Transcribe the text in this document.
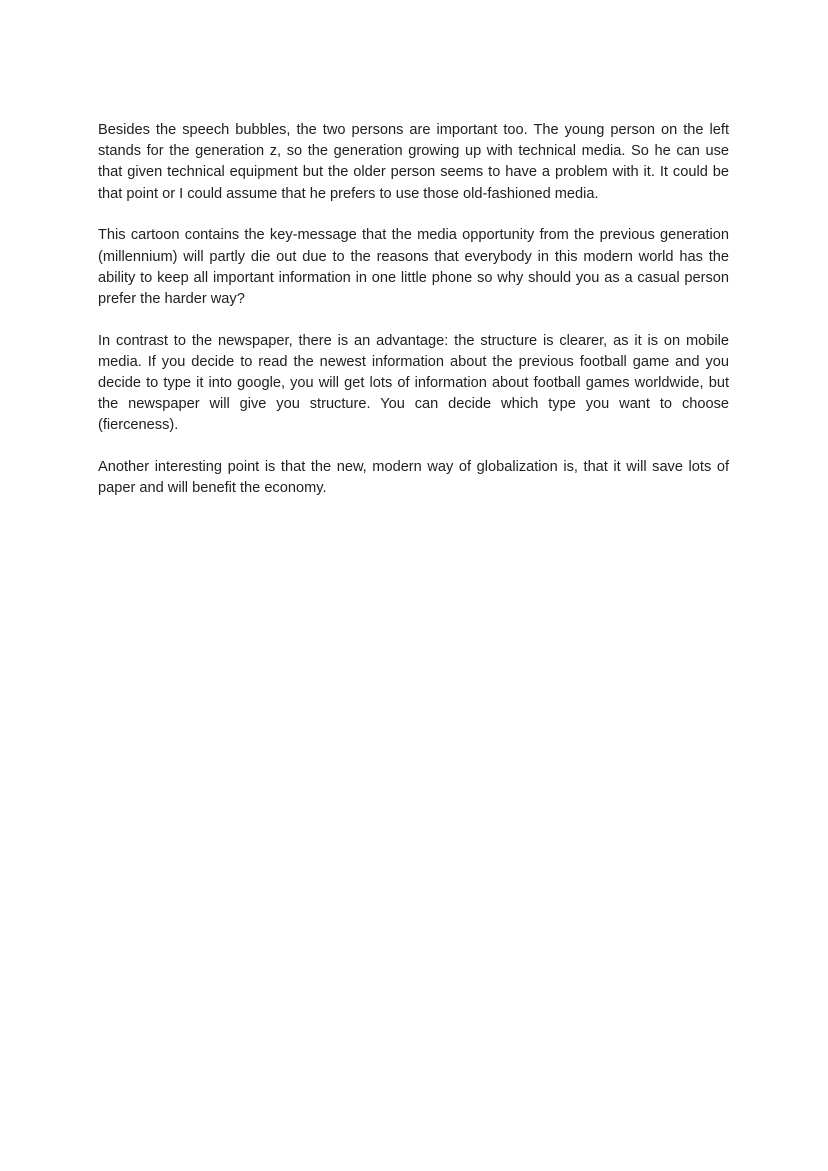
Besides the speech bubbles, the two persons are important too. The young person on the left stands for the generation z, so the generation growing up with technical media. So he can use that given technical equipment but the older person seems to have a problem with it. It could be that point or I could assume that he prefers to use those old-fashioned media.

This cartoon contains the key-message that the media opportunity from the previous generation (millennium) will partly die out due to the reasons that everybody in this modern world has the ability to keep all important information in one little phone so why should you as a casual person prefer the harder way?

In contrast to the newspaper, there is an advantage: the structure is clearer, as it is on mobile media. If you decide to read the newest information about the previous football game and you decide to type it into google, you will get lots of information about football games worldwide, but the newspaper will give you structure. You can decide which type you want to choose (fierceness).

Another interesting point is that the new, modern way of globalization is, that it will save lots of paper and will benefit the economy.
